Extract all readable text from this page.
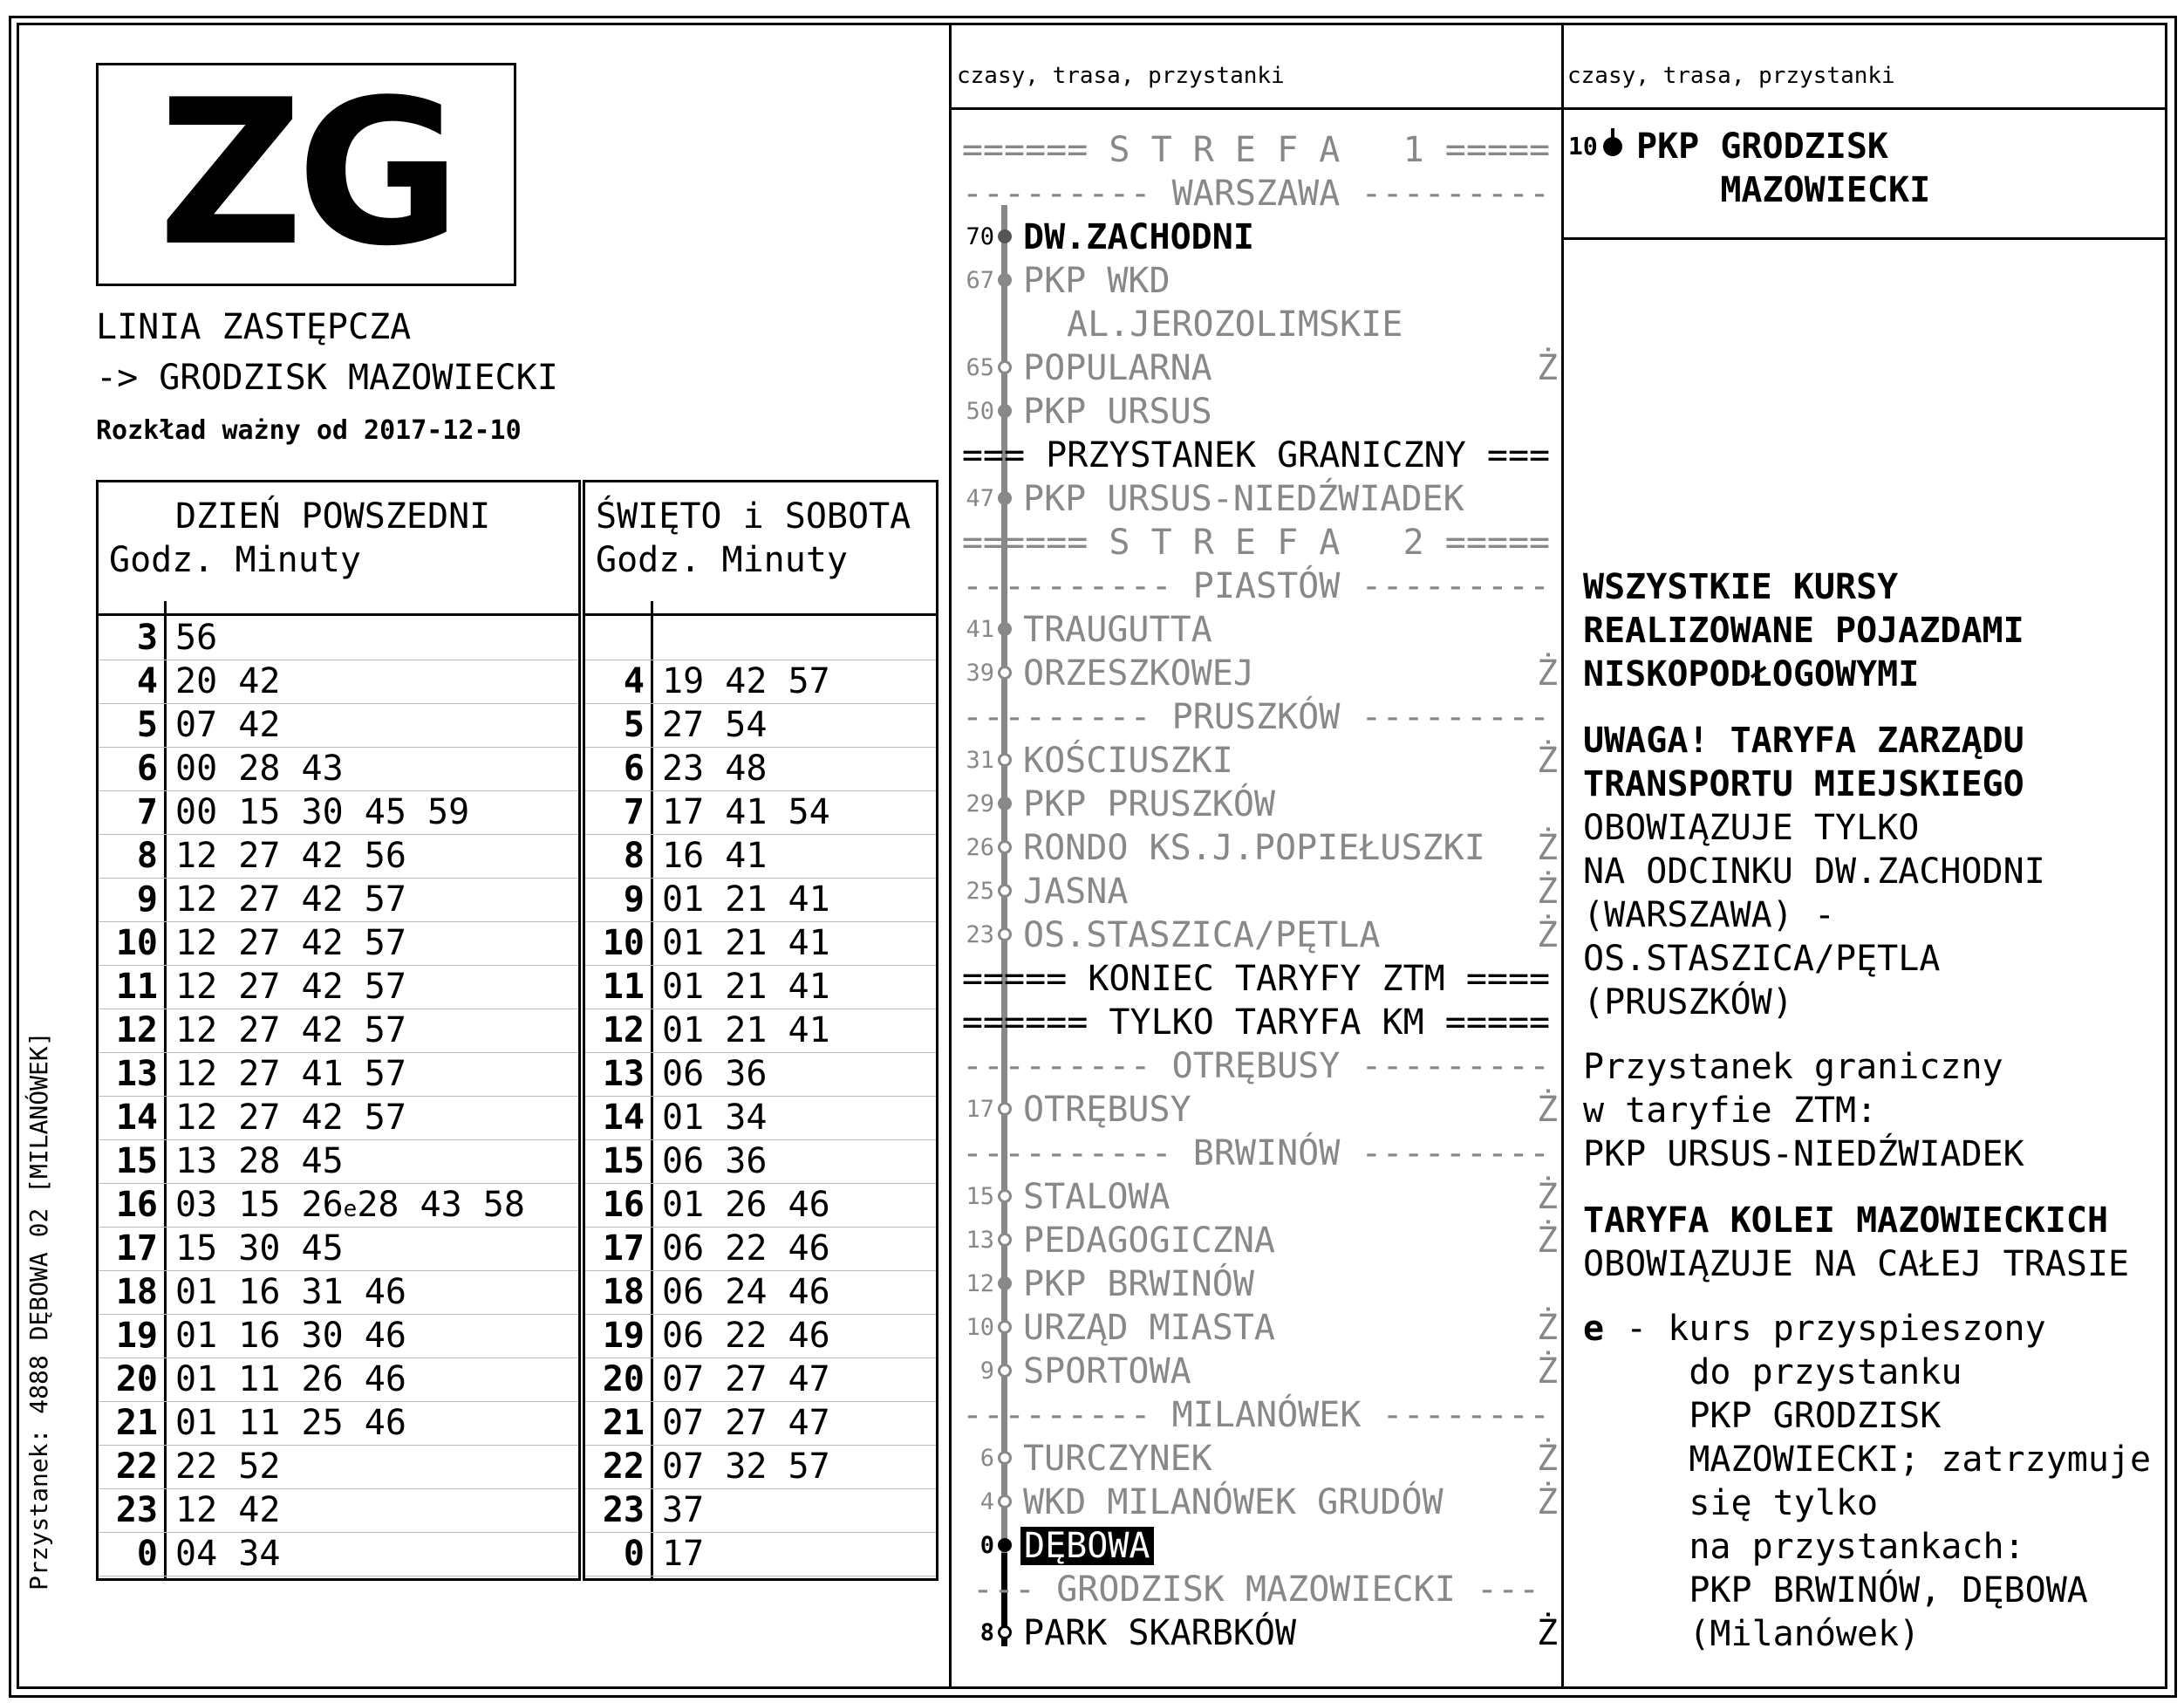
ZG
LINIA ZASTĘPCZA
-> GRODZISK MAZOWIECKI
Rozkład ważny od 2017-12-10
DZIEŃ POWSZEDNI
Godz. Minuty
3 56
4 20 42
5 07 42
6 00 28 43
7 00 15 30 45 59
8 12 27 42 56
9 12 27 42 57
10 12 27 42 57
11 12 27 42 57
12 12 27 42 57
13 12 27 41 57
14 12 27 42 57
15 13 28 45
16 03 15 26e28 43 58
17 15 30 45
18 01 16 31 46
19 01 16 30 46
20 01 11 26 46
21 01 11 25 46
22 22 52
23 12 42
0 04 34
ŚWIĘTO i SOBOTA
Godz. Minuty
4 19 42 57
5 27 54
6 23 48
7 17 41 54
8 16 41
9 01 21 41
10 01 21 41
11 01 21 41
12 01 21 41
13 06 36
14 01 34
15 06 36
16 01 26 46
17 06 22 46
18 06 24 46
19 06 22 46
20 07 27 47
21 07 27 47
22 07 32 57
23 37
0 17
Przystanek: 4888 DĘBOWA 02 [MILANÓWEK]
czasy, trasa, przystanki	czasy, trasa, przystanki
====== S T R E F A   1 =====
--------- WARSZAWA ---------
70 DW.ZACHODNI
67 PKP WKD
AL.JEROZOLIMSKIE
65 POPULARNA	Ż
50 PKP URSUS
=== PRZYSTANEK GRANICZNY ===
47 PKP URSUS-NIEDŹWIADEK
====== S T R E F A   2 =====
---------- PIASTÓW ---------
41 TRAUGUTTA
39 ORZESZKOWEJ	Ż
--------- PRUSZKÓW ---------
31 KOŚCIUSZKI	Ż
29 PKP PRUSZKÓW
26 RONDO KS.J.POPIEŁUSZKI Ż
25 JASNA	Ż
23 OS.STASZICA/PĘTLA	Ż
===== KONIEC TARYFY ZTM ====
====== TYLKO TARYFA KM =====
--------- OTRĘBUSY ---------
17 OTRĘBUSY	Ż
---------- BRWINÓW ---------
15 STALOWA	Ż
13 PEDAGOGICZNA	Ż
12 PKP BRWINÓW
10 URZĄD MIASTA	Ż
9 SPORTOWA	Ż
--------- MILANÓWEK --------
6 TURCZYNEK	Ż
4 WKD MILANÓWEK GRUDÓW	Ż
0 DĘBOWA
--- GRODZISK MAZOWIECKI ---
8 PARK SKARBKÓW	Ż
10 PKP GRODZISK
MAZOWIECKI
WSZYSTKIE KURSY
REALIZOWANE POJAZDAMI
NISKOPODŁOGOWYMI
UWAGA! TARYFA ZARZĄDU
TRANSPORTU MIEJSKIEGO
OBOWIĄZUJE TYLKO
NA ODCINKU DW.ZACHODNI
(WARSZAWA) -
OS.STASZICA/PĘTLA
(PRUSZKÓW)
Przystanek graniczny
w taryfie ZTM:
PKP URSUS-NIEDŹWIADEK
TARYFA KOLEI MAZOWIECKICH
OBOWIĄZUJE NA CAŁEJ TRASIE
e - kurs przyspieszony
do przystanku
PKP GRODZISK
MAZOWIECKI; zatrzymuje
się tylko
na przystankach:
PKP BRWINÓW, DĘBOWA
(Milanówek)
